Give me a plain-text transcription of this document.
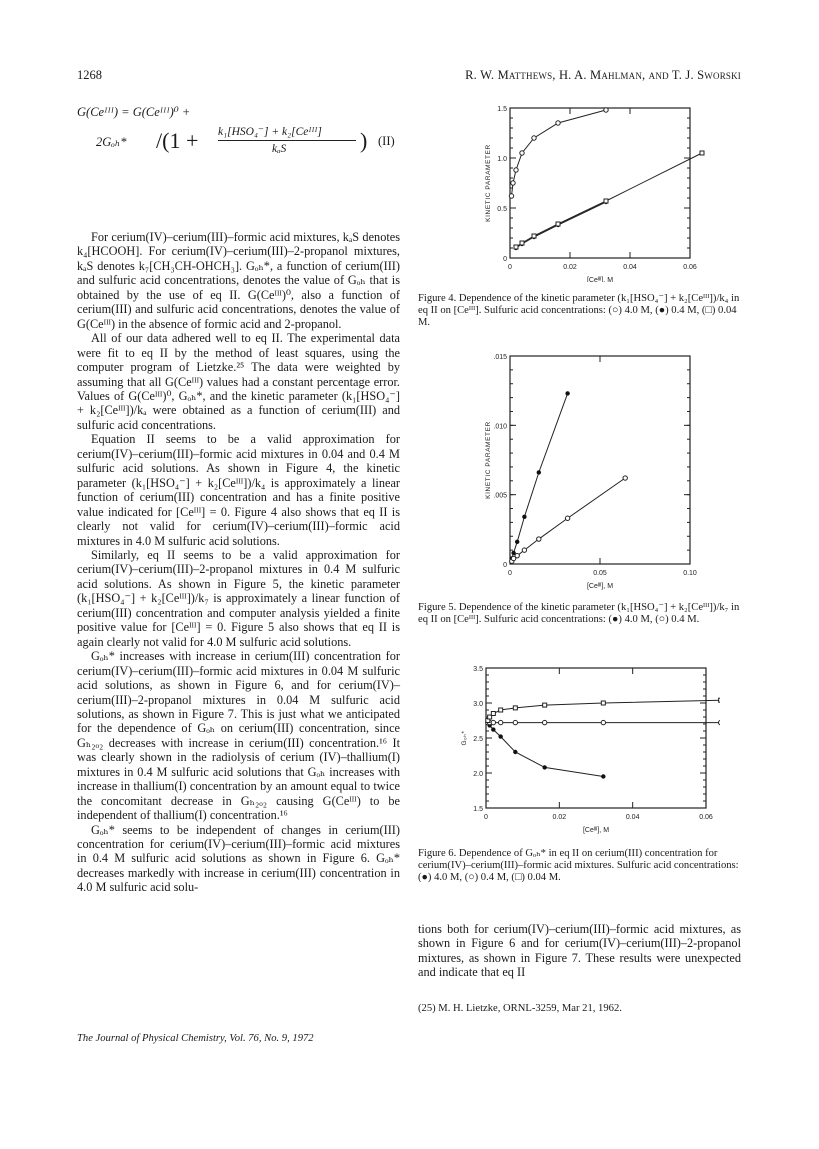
1268	R. W. Matthews, H. A. Mahlman, and T. J. Sworski
G(Ceᴵᴵᴵ) = G(Ceᴵᴵᴵ)⁰ +
2Gₒₕ* /(1 + k₁[HSO₄⁻] + k₂[Ceᴵᴵᴵ]
kₐS	) (II)

For cerium(IV)–cerium(III)–formic acid mixtures, kₐS denotes k₄[HCOOH]. For cerium(IV)–cerium(III)–2-propanol mixtures, kₐS denotes k₇[CH₃CH-OHCH₃]. Gₒₕ*, a function of cerium(III) and sulfuric acid concentrations, denotes the value of Gₒₕ that is obtained by the use of eq II. G(Ceᴵᴵᴵ)⁰, also a function of cerium(III) and sulfuric acid concentrations, denotes the value of G(Ceᴵᴵᴵ) in the absence of formic acid and 2-propanol.

All of our data adhered well to eq II. The experimental data were fit to eq II by the method of least squares, using the computer program of Lietzke.²⁵ The data were weighted by assuming that all G(Ceᴵᴵᴵ) values had a constant percentage error. Values of G(Ceᴵᴵᴵ)⁰, Gₒₕ*, and the kinetic parameter (k₁[HSO₄⁻] + k₂[Ceᴵᴵᴵ])/kₐ were obtained as a function of cerium(III) and sulfuric acid concentrations.

Equation II seems to be a valid approximation for cerium(IV)–cerium(III)–formic acid mixtures in 0.04 and 0.4 M sulfuric acid solutions. As shown in Figure 4, the kinetic parameter (k₁[HSO₄⁻] + k₂[Ceᴵᴵᴵ])/k₄ is approximately a linear function of cerium(III) concentration and has a finite positive value indicated for [Ceᴵᴵᴵ] = 0. Figure 4 also shows that eq II is clearly not valid for cerium(IV)–cerium(III)–formic acid mixtures in 4.0 M sulfuric acid solutions.

Similarly, eq II seems to be a valid approximation for cerium(IV)–cerium(III)–2-propanol mixtures in 0.4 M sulfuric acid solutions. As shown in Figure 5, the kinetic parameter (k₁[HSO₄⁻] + k₂[Ceᴵᴵᴵ])/k₇ is approximately a linear function of cerium(III) concentration and computer analysis yielded a finite positive value for [Ceᴵᴵᴵ] = 0. Figure 5 also shows that eq II is again clearly not valid for 4.0 M sulfuric acid solutions.

Gₒₕ* increases with increase in cerium(III) concentration for cerium(IV)–cerium(III)–formic acid mixtures in 0.04 M sulfuric acid solutions, as shown in Figure 6, and for cerium(IV)–cerium(III)–2-propanol mixtures in 0.04 M sulfuric acid solutions, as shown in Figure 7. This is just what we anticipated for the dependence of Gₒₕ on cerium(III) concentration, since Gₕ₂ₒ₂ decreases with increase in cerium(III) concentration.¹⁶ It was clearly shown in the radiolysis of cerium (IV)–thallium(I) mixtures in 0.4 M sulfuric acid solutions that Gₒₕ increases with increase in thallium(I) concentration by an amount equal to twice the concomitant decrease in Gₕ₂ₒ₂ causing G(Ceᴵᴵᴵ) to be independent of thallium(I) concentration.¹⁶

Gₒₕ* seems to be independent of changes in cerium(III) concentration for cerium(IV)–cerium(III)–formic acid mixtures in 0.4 M sulfuric acid solutions as shown in Figure 6. Gₒₕ* decreases markedly with increase in cerium(III) concentration in 4.0 M sulfuric acid solu-

0	0.02	0.04	0.06
0
0.5
1.0
1.5
[Ceᴵᴵᴵ], M
KINETIC PARAMETER
Figure 4. Dependence of the kinetic parameter (k₁[HSO₄⁻] + k₂[Ceᴵᴵᴵ])/k₄ in eq II on [Ceᴵᴵᴵ]. Sulfuric acid concentrations: (○) 4.0 M, (●) 0.4 M, (□) 0.04 M.
0	0.05	0.10
0
.005
.010
.015
[Ceᴵᴵᴵ], M
KINETIC PARAMETER
Figure 5. Dependence of the kinetic parameter (k₁[HSO₄⁻] + k₂[Ceᴵᴵᴵ])/k₇ in eq II on [Ceᴵᴵᴵ]. Sulfuric acid concentrations: (●) 4.0 M, (○) 0.4 M.
0	0.02	0.04	0.06
1.5
2.0
2.5
3.0
3.5
[Ceᴵᴵᴵ], M
Gₒₕ*
Figure 6. Dependence of Gₒₕ* in eq II on cerium(III) concentration for cerium(IV)–cerium(III)–formic acid mixtures. Sulfuric acid concentrations: (●) 4.0 M, (○) 0.4 M, (□) 0.04 M.
tions both for cerium(IV)–cerium(III)–formic acid mixtures, as shown in Figure 6 and for cerium(IV)–cerium(III)–2-propanol mixtures, as shown in Figure 7. These results were unexpected and indicate that eq II
(25) M. H. Lietzke, ORNL-3259, Mar 21, 1962.
The Journal of Physical Chemistry, Vol. 76, No. 9, 1972
